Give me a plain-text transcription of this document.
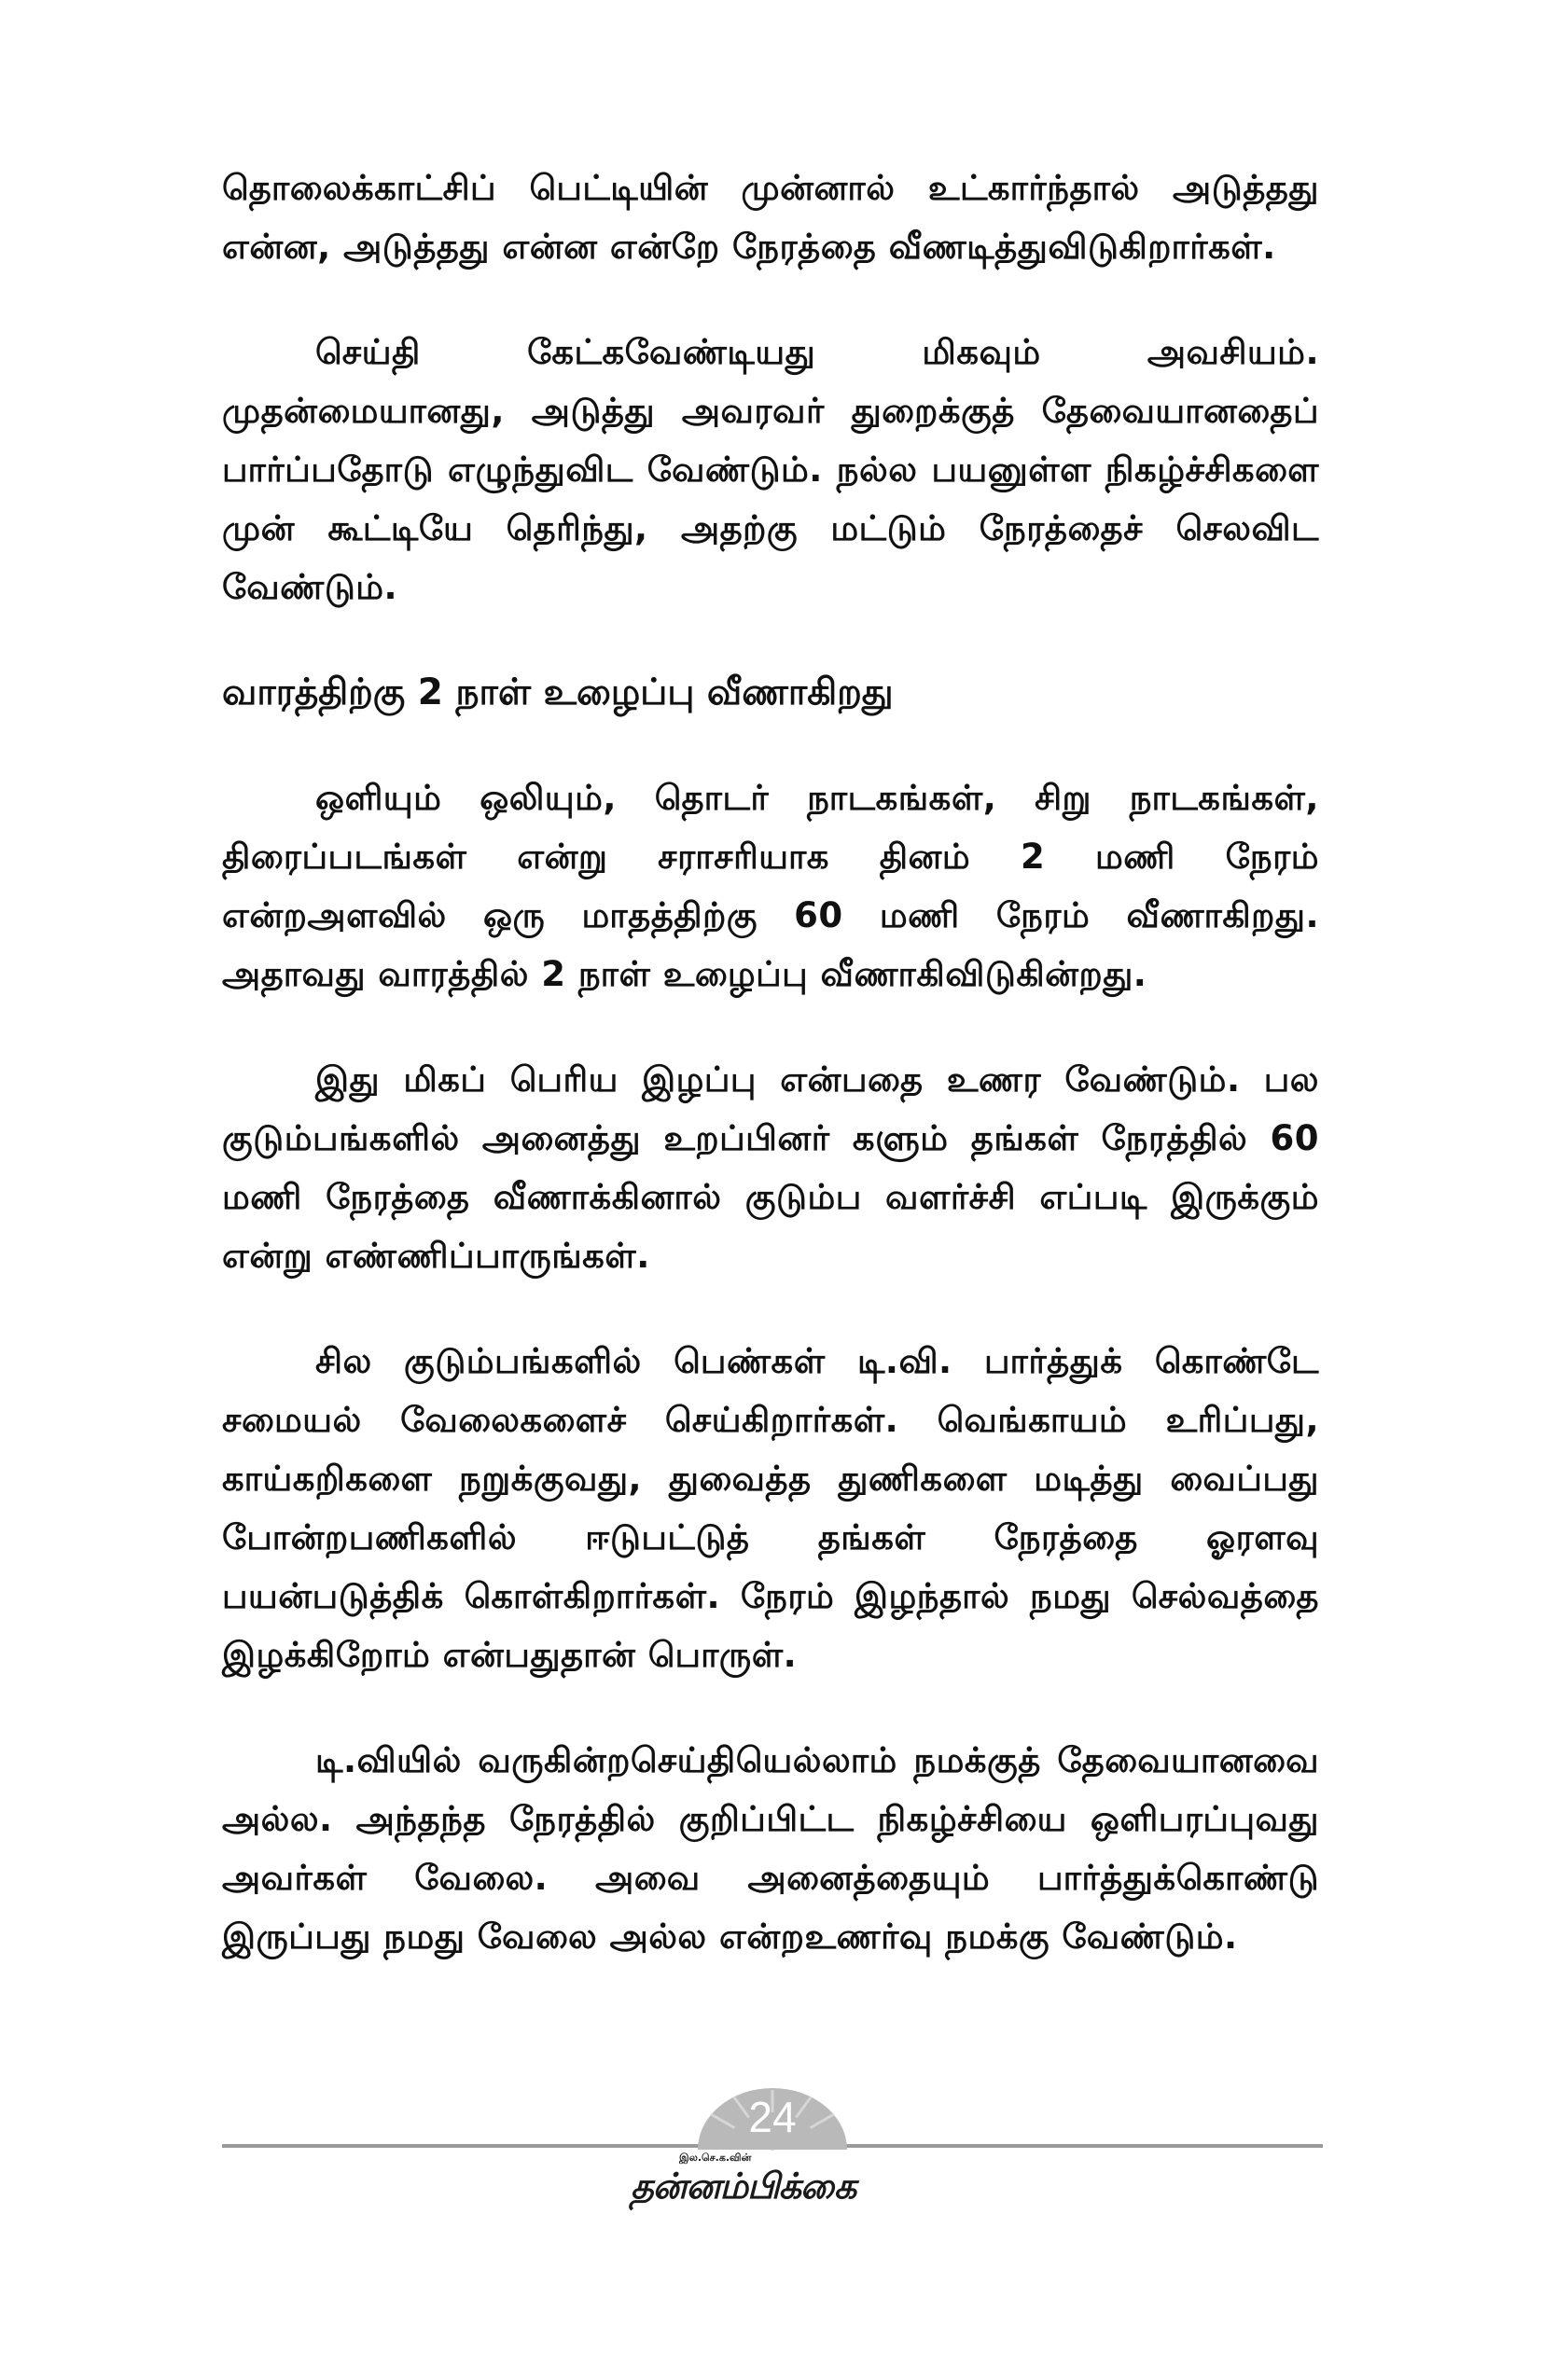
தொலைக்காட்சிப் பெட்டியின் முன்னால் உட்கார்ந்தால் அடுத்தது என்ன, அடுத்தது என்ன என்றே நேரத்தை வீணடித்துவிடுகிறார்கள்.

செய்தி கேட்கவேண்டியது மிகவும் அவசியம். முதன்மையானது, அடுத்து அவரவர் துறைக்குத் தேவையானதைப் பார்ப்பதோடு எழுந்துவிட வேண்டும். நல்ல பயனுள்ள நிகழ்ச்சிகளை முன் கூட்டியே தெரிந்து, அதற்கு மட்டும் நேரத்தைச் செலவிட வேண்டும்.

வாரத்திற்கு 2 நாள் உழைப்பு வீணாகிறது

ஒளியும் ஒலியும், தொடர் நாடகங்கள், சிறு நாடகங்கள், திரைப்படங்கள் என்று சராசரியாக தினம் 2 மணி நேரம் என்றஅளவில் ஒரு மாதத்திற்கு 60 மணி நேரம் வீணாகிறது. அதாவது வாரத்தில் 2 நாள் உழைப்பு வீணாகிவிடுகின்றது.

இது மிகப் பெரிய இழப்பு என்பதை உணர வேண்டும். பல குடும்பங்களில் அனைத்து உறப்பினர் களும் தங்கள் நேரத்தில் 60 மணி நேரத்தை வீணாக்கினால் குடும்ப வளர்ச்சி எப்படி இருக்கும் என்று எண்ணிப்பாருங்கள்.

சில குடும்பங்களில் பெண்கள் டி.வி. பார்த்துக் கொண்டே சமையல் வேலைகளைச் செய்கிறார்கள். வெங்காயம் உரிப்பது, காய்கறிகளை நறுக்குவது, துவைத்த துணிகளை மடித்து வைப்பது போன்றபணிகளில் ஈடுபட்டுத் தங்கள் நேரத்தை ஓரளவு பயன்படுத்திக் கொள்கிறார்கள். நேரம் இழந்தால் நமது செல்வத்தை இழக்கிறோம் என்பதுதான் பொருள்.

டி.வியில் வருகின்றசெய்தியெல்லாம் நமக்குத் தேவையானவை அல்ல. அந்தந்த நேரத்தில் குறிப்பிட்ட நிகழ்ச்சியை ஒளிபரப்புவது அவர்கள் வேலை. அவை அனைத்தையும் பார்த்துக்கொண்டு இருப்பது நமது வேலை அல்ல என்றஉணர்வு நமக்கு வேண்டும்.

24
இல.செ.க.வின்
தன்னம்பிக்கை
